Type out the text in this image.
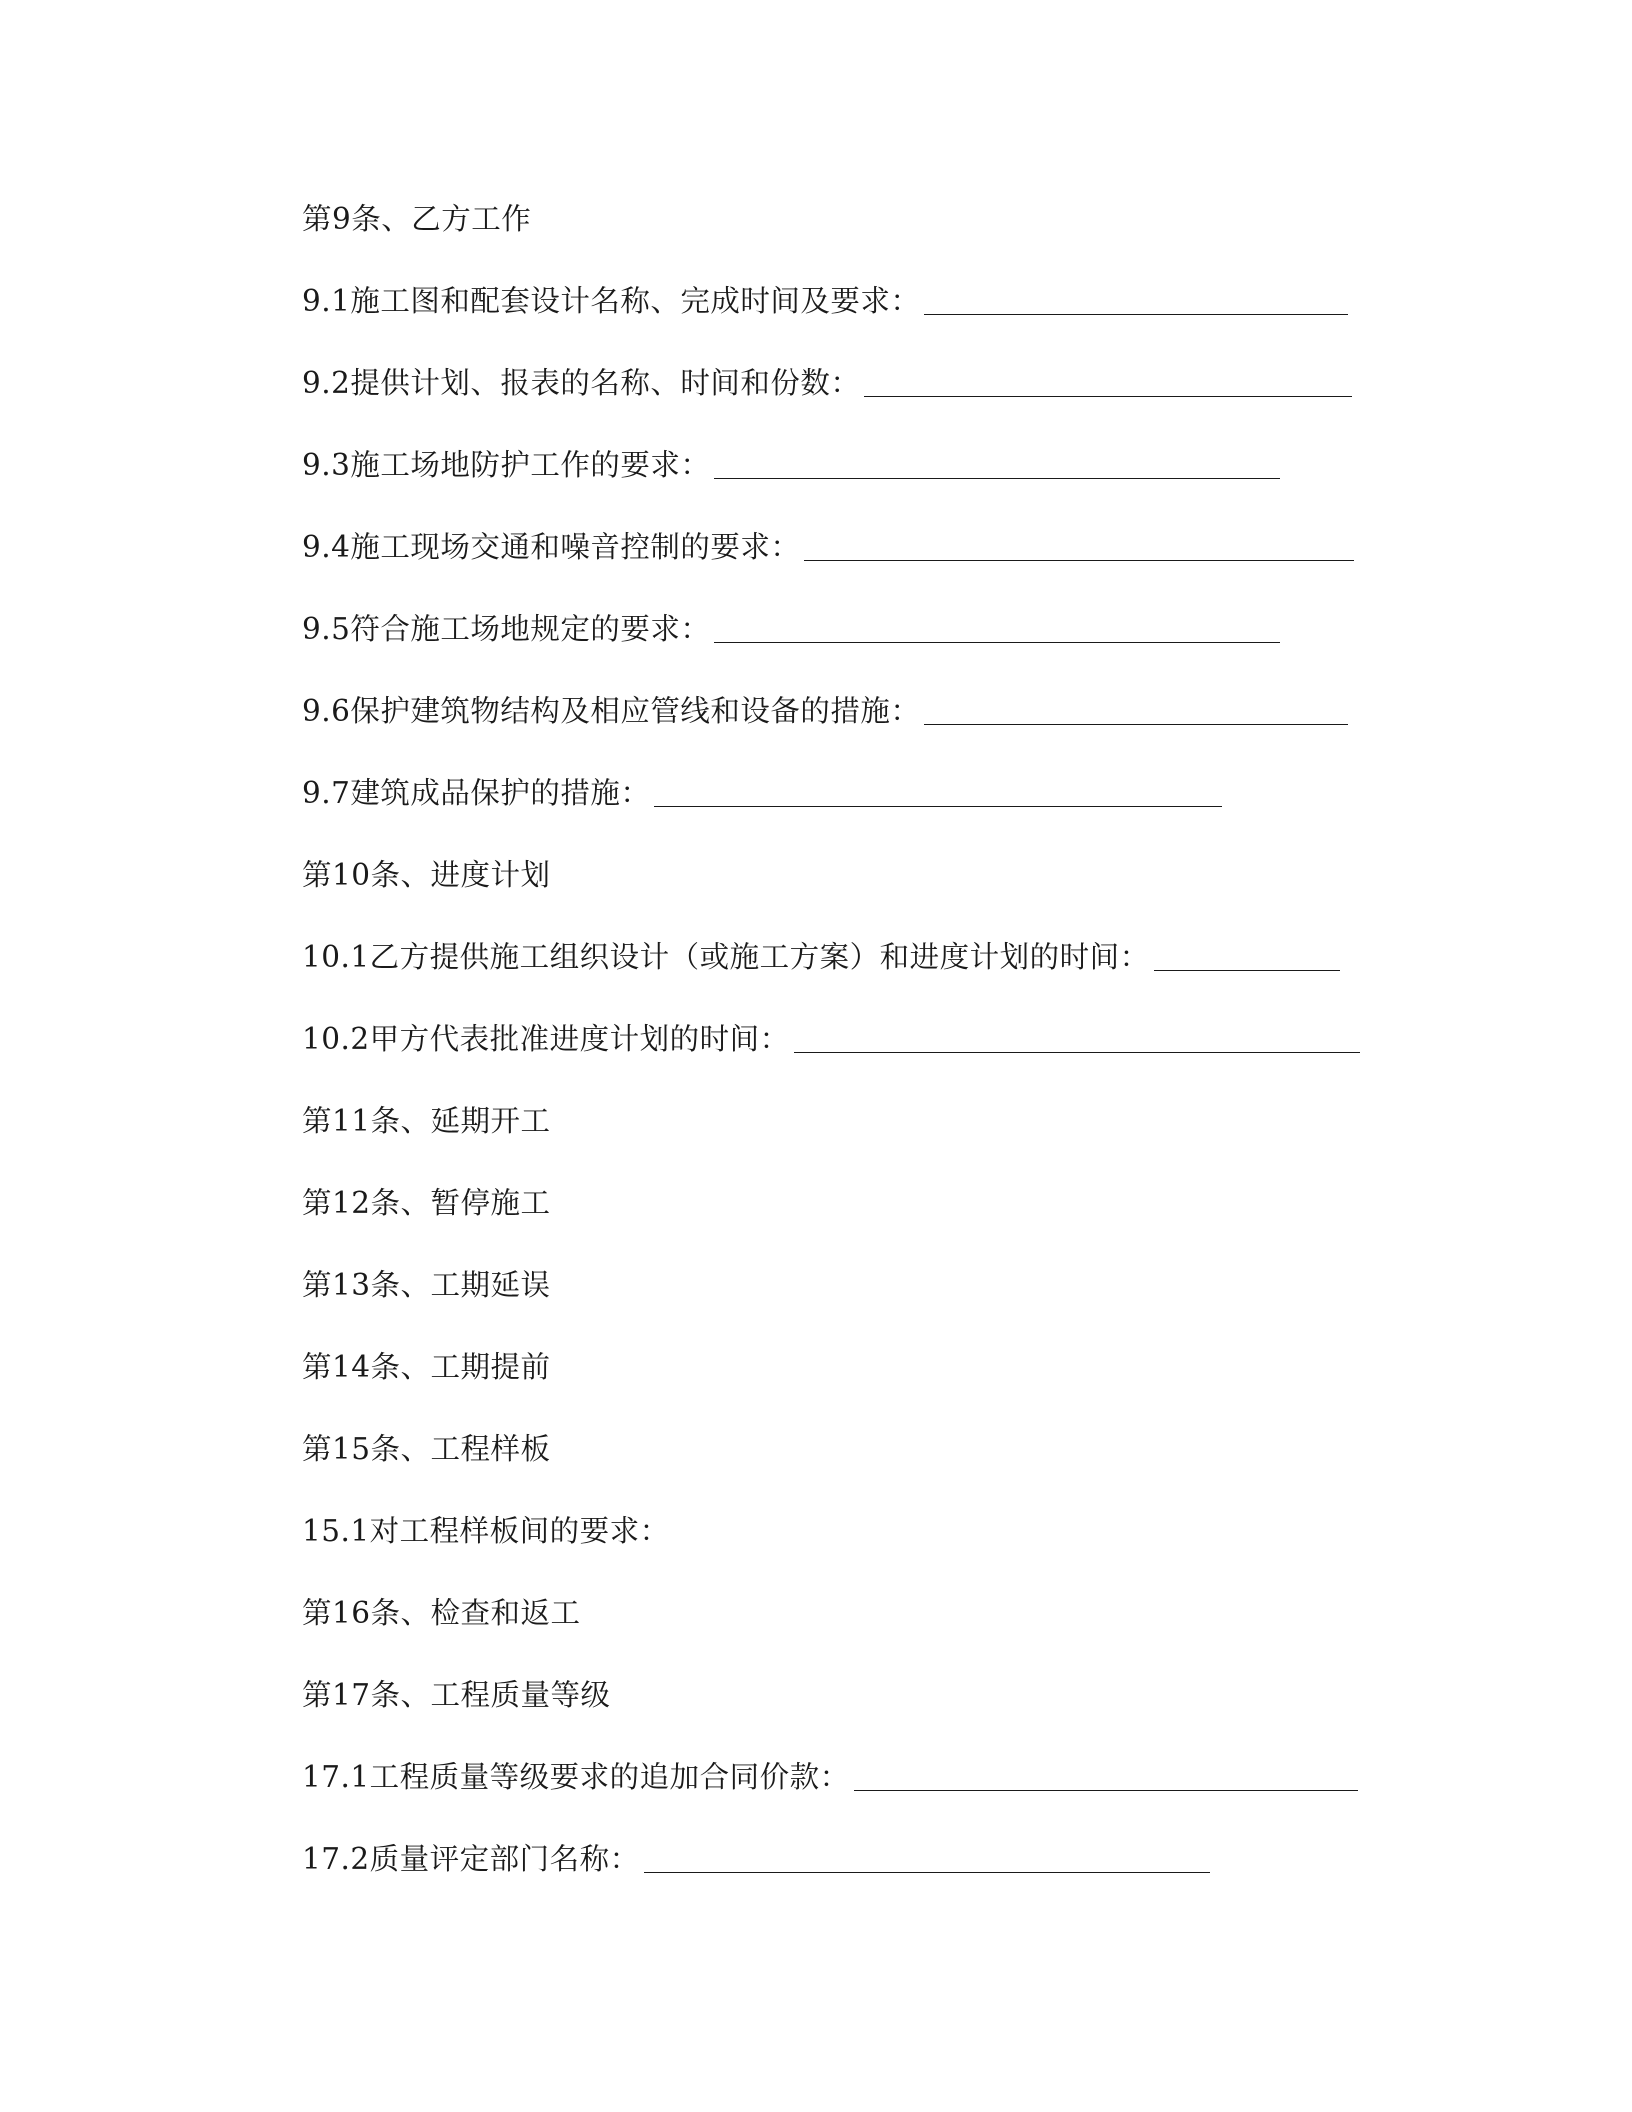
第9条、乙方工作
9.1施工图和配套设计名称、完成时间及要求：
9.2提供计划、报表的名称、时间和份数：
9.3施工场地防护工作的要求：
9.4施工现场交通和噪音控制的要求：
9.5符合施工场地规定的要求：
9.6保护建筑物结构及相应管线和设备的措施：
9.7建筑成品保护的措施：
第10条、进度计划
10.1乙方提供施工组织设计（或施工方案）和进度计划的时间：
10.2甲方代表批准进度计划的时间：
第11条、延期开工
第12条、暂停施工
第13条、工期延误
第14条、工期提前
第15条、工程样板
15.1对工程样板间的要求：
第16条、检查和返工
第17条、工程质量等级
17.1工程质量等级要求的追加合同价款：
17.2质量评定部门名称：
